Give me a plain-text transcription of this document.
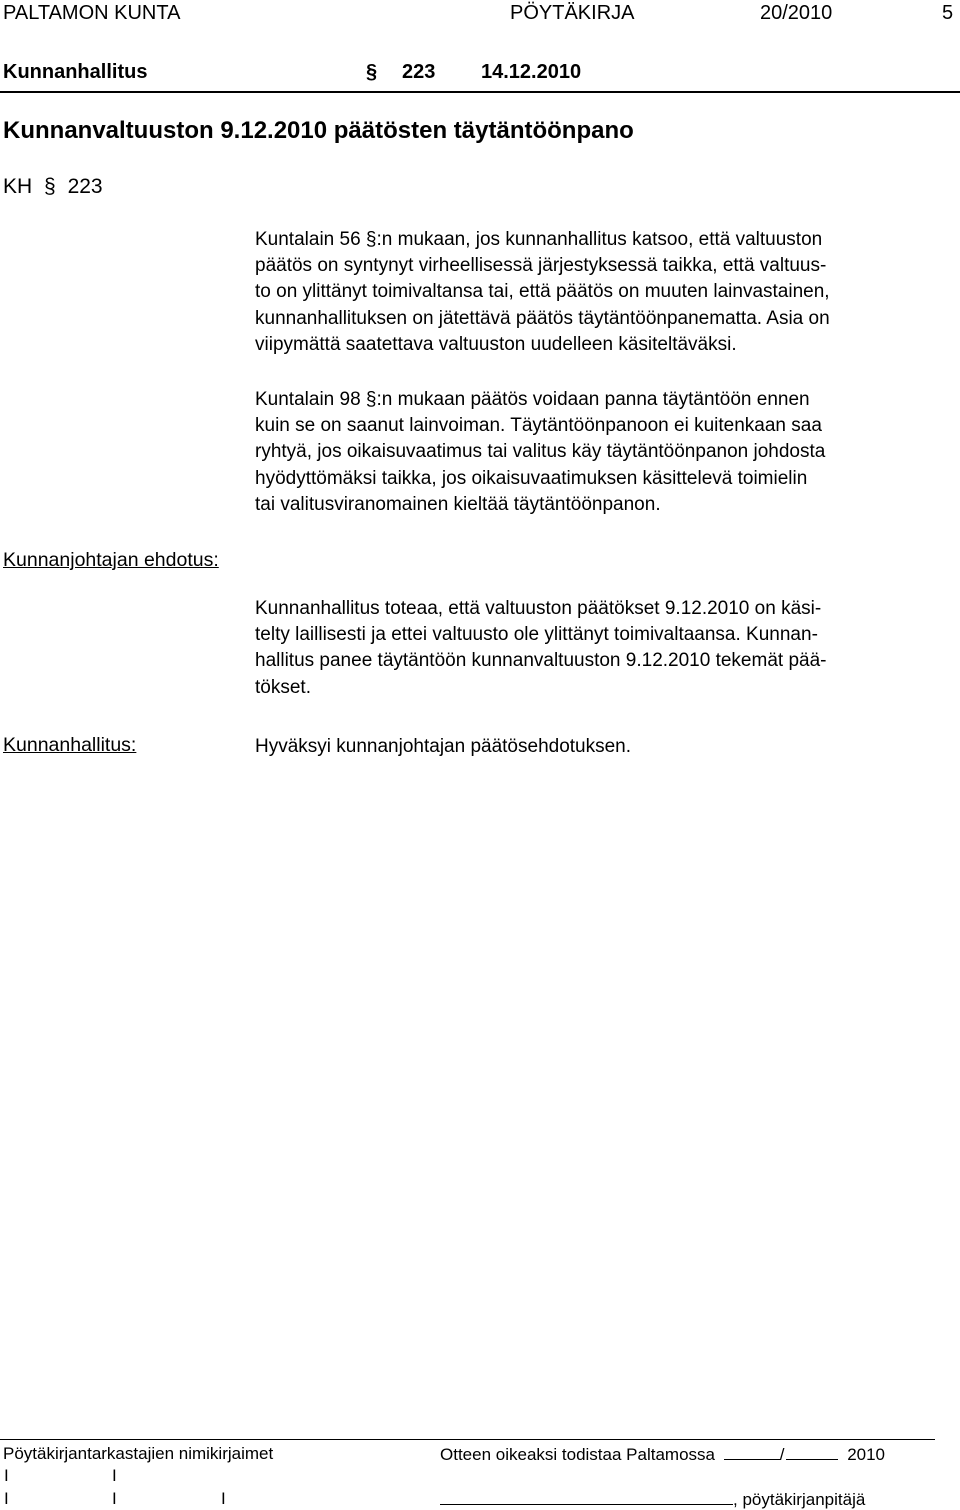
PALTAMON KUNTA	PÖYTÄKIRJA	20/2010	5
Kunnanhallitus	§ 223 14.12.2010
Kunnanvaltuuston 9.12.2010 päätösten täytäntöönpano
KH § 223
Kuntalain 56 §:n mukaan, jos kunnanhallitus katsoo, että valtuuston
päätös on syntynyt virheellisessä järjestyksessä taikka, että valtuus-
to on ylittänyt toimivaltansa tai, että päätös on muuten lainvastainen,
kunnanhallituksen on jätettävä päätös täytäntöönpanematta. Asia on
viipymättä saatettava valtuuston uudelleen käsiteltäväksi.
Kuntalain 98 §:n mukaan päätös voidaan panna täytäntöön ennen
kuin se on saanut lainvoiman. Täytäntöönpanoon ei kuitenkaan saa
ryhtyä, jos oikaisuvaatimus tai valitus käy täytäntöönpanon johdosta
hyödyttömäksi taikka, jos oikaisuvaatimuksen käsittelevä toimielin
tai valitusviranomainen kieltää täytäntöönpanon.
Kunnanjohtajan ehdotus:
Kunnanhallitus toteaa, että valtuuston päätökset 9.12.2010 on käsi-
telty laillisesti ja ettei valtuusto ole ylittänyt toimivaltaansa. Kunnan-
hallitus panee täytäntöön kunnanvaltuuston 9.12.2010 tekemät pää-
tökset.
Kunnanhallitus:	Hyväksyi kunnanjohtajan päätösehdotuksen.
Pöytäkirjantarkastajien nimikirjaimet	Otteen oikeaksi todistaa Paltamossa	/	2010
I	I
I	I	I	, pöytäkirjanpitäjä
